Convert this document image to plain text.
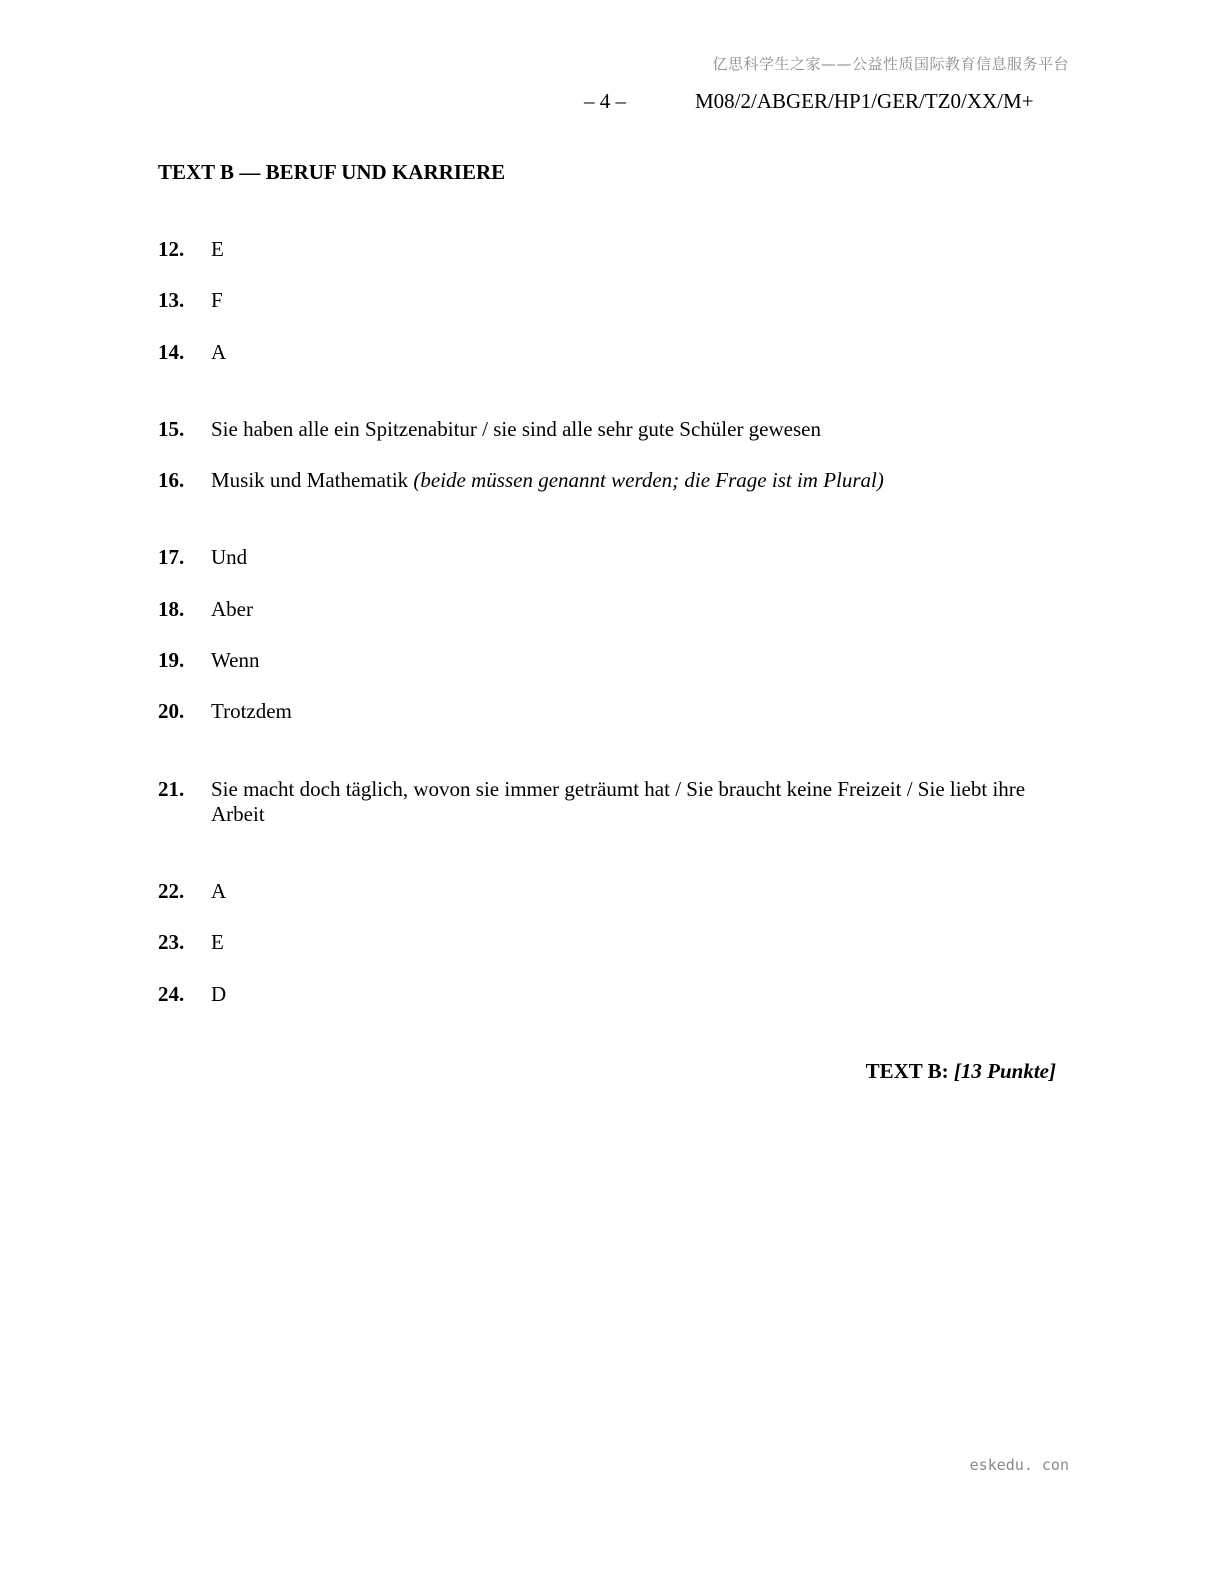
亿思科学生之家——公益性质国际教育信息服务平台
– 4 –	M08/2/ABGER/HP1/GER/TZ0/XX/M+
TEXT B — BERUF UND KARRIERE
12. E
13. F
14. A
15. Sie haben alle ein Spitzenabitur / sie sind alle sehr gute Schüler gewesen
16. Musik und Mathematik (beide müssen genannt werden; die Frage ist im Plural)
17. Und
18. Aber
19. Wenn
20. Trotzdem
21. Sie macht doch täglich, wovon sie immer geträumt hat / Sie braucht keine Freizeit / Sie liebt ihre Arbeit
22. A
23. E
24. D
TEXT B: [13 Punkte]
eskedu. con
